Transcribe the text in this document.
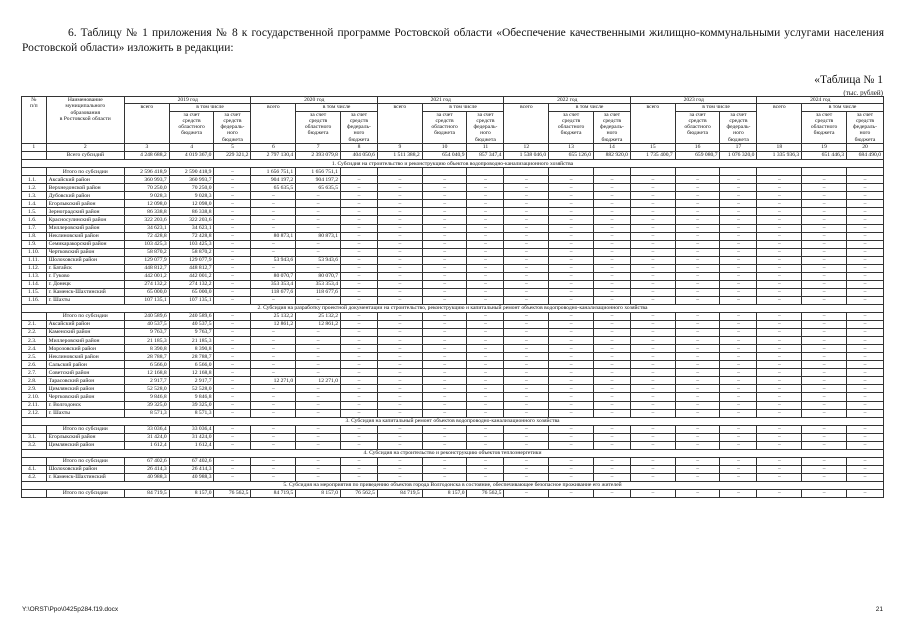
6. Таблицу № 1 приложения № 8 к государственной программе Ростовской области «Обеспечение качественными жилищно-коммунальными услугами населения Ростовской области» изложить в редакции:
«Таблица № 1
(тыс. рублей)
№
п/п	Наименование
муниципального
образования
в Ростовской области	2019 год			2020 год			2021 год			2022 год			2023 год			2024 год		
		всего	в том числе		всего	в том числе		всего	в том числе		всего	в том числе		всего	в том числе		всего	в том числе	
			за счет
средств
областного
бюджета	за счет
средств
федераль-
ного
бюджета		за счет
средств
областного
бюджета	за счет
средств
федераль-
ного
бюджета		за счет
средств
областного
бюджета	за счет
средств
федераль-
ного
бюджета		за счет
средств
областного
бюджета	за счет
средств
федераль-
ного
бюджета		за счет
средств
областного
бюджета	за счет
средств
федераль-
ного
бюджета		за счет
средств
областного
бюджета	за счет
средств
федераль-
ного
бюджета
1	2	3	4	5	6	7	8	9	10	11	12	13	14	15	16	17	18	19	20
	Всего субсидий	4 248 688,2	4 019 367,0	229 321,2	2 797 130,4	2 393 079,8	404 050,6	1 511 388,2	654 040,9	857 347,4	1 538 046,0	655 126,0	882 920,0	1 735 400,7	659 080,7	1 076 320,0	1 335 936,3	651 446,3	684 490,0
1. Субсидия на строительство и реконструкцию объектов водопроводно-канализационного хозяйства																			
	Итого по субсидии	2 596 418,9	2 590 418,9	–	1 656 751,1	1 656 751,1													
1.1.	Аксайский район	360 993,7	360 993,7	–	904 197,2	904 197,2	–	–	–	–	–	–	–	–	–	–	–	–	–
1.2.	Верхнедонской район	70 250,0	70 250,0	–	65 635,5	65 635,5	–	–	–	–	–	–	–	–	–	–	–	–	–
1.3.	Дубовский район	9 028,3	9 028,3	–	–	–	–	–	–	–	–	–	–	–	–	–	–	–	–
1.4.	Егорлыкский район	12 098,0	12 098,0	–	–	–	–	–	–	–	–	–	–	–	–	–	–	–	–
1.5.	Зерноградский район	86 338,8	86 338,8	–	–	–	–	–	–	–	–	–	–	–	–	–	–	–	–
1.6.	Красносулинский район	322 203,6	322 203,6	–	–	–	–	–	–	–	–	–	–	–	–	–	–	–	–
1.7.	Миллеровский район	34 623,1	34 623,1	–	–	–	–	–	–	–	–	–	–	–	–	–	–	–	–
1.8.	Неклиновский район	72 428,8	72 428,8	–	80 873,1	80 873,1	–	–	–	–	–	–	–	–	–	–	–	–	–
1.9.	Семикаракорский район	103 425,3	103 425,3	–	–	–	–	–	–	–	–	–	–	–	–	–	–	–	–
1.10.	Чертковский район	58 870,2	58 870,2	–	–	–	–	–	–	–	–	–	–	–	–	–	–	–	–
1.11.	Шолоховский район	129 077,9	129 077,9	–	53 943,6	53 943,6	–	–	–	–	–	–	–	–	–	–	–	–	–
1.12.	г. Батайск	448 812,7	448 812,7	–	–	–	–	–	–	–	–	–	–	–	–	–	–	–	–
1.13.	г. Гуково	442 001,2	442 001,2	–	80 070,7	80 070,7	–	–	–	–	–	–	–	–	–	–	–	–	–
1.14.	г. Донецк	274 132,2	274 132,2	–	353 353,4	353 353,4	–	–	–	–	–	–	–	–	–	–	–	–	–
1.15.	г. Каменск-Шахтинский	65 000,0	65 000,0	–	118 677,6	118 677,6	–	–	–	–	–	–	–	–	–	–	–	–	–
1.16.	г. Шахты	107 135,1	107 135,1	–	–	–	–	–	–	–	–	–	–	–	–	–	–	–	–
2. Субсидия на разработку проектной документации на строительство, реконструкцию и капитальный ремонт объектов водопроводно-канализационного хозяйства																			
	Итого по субсидии	240 589,6	240 589,6	–	25 132,2	25 132,2	–	–	–	–	–	–	–	–	–	–	–	–	–
2.1.	Аксайский район	40 537,5	40 537,5	–	12 861,2	12 861,2	–	–	–	–	–	–	–	–	–	–	–	–	–
2.2.	Каменский район	9 763,7	9 763,7	–	–	–	–	–	–	–	–	–	–	–	–	–	–	–	–
2.3.	Миллеровский район	21 185,3	21 185,3	–	–	–	–	–	–	–	–	–	–	–	–	–	–	–	–
2.4.	Морозовский район	8 390,8	8 390,8	–	–	–	–	–	–	–	–	–	–	–	–	–	–	–	–
2.5.	Неклиновский район	28 788,7	28 788,7	–	–	–	–	–	–	–	–	–	–	–	–	–	–	–	–
2.6.	Сальский район	6 566,0	6 566,0	–	–	–	–	–	–	–	–	–	–	–	–	–	–	–	–
2.7.	Советский район	12 168,8	12 168,8	–	–	–	–	–	–	–	–	–	–	–	–	–	–	–	–
2.8.	Тарасовский район	2 917,7	2 917,7	–	12 271,0	12 271,0	–	–	–	–	–	–	–	–	–	–	–	–	–
2.9.	Цимлянский район	52 528,0	52 528,0	–	–	–	–	–	–	–	–	–	–	–	–	–	–	–	–
2.10.	Чертковский район	9 846,8	9 846,8	–	–	–	–	–	–	–	–	–	–	–	–	–	–	–	–
2.11.	г. Волгодонск	39 325,0	39 325,0	–	–	–	–	–	–	–	–	–	–	–	–	–	–	–	–
2.12.	г. Шахты	8 571,3	8 571,3	–	–	–	–	–	–	–	–	–	–	–	–	–	–	–	–
3. Субсидия на капитальный ремонт объектов водопроводно-канализационного хозяйства																			
	Итого по субсидии	33 036,4	33 036,4	–	–	–	–	–	–	–	–	–	–	–	–	–	–	–	–
3.1.	Егорлыкский район	31 424,0	31 424,0	–	–	–	–	–	–	–	–	–	–	–	–	–	–	–	–
3.2.	Цимлянский район	1 612,4	1 612,4	–	–	–	–	–	–	–	–	–	–	–	–	–	–	–	–
4. Субсидия на строительство и реконструкцию объектов теплоэнергетики																			
	Итого по субсидии	67 402,6	67 402,6	–	–	–	–	–	–	–	–	–	–	–	–	–	–	–	–
4.1.	Шолоховский район	26 414,3	26 414,3	–	–	–	–	–	–	–	–	–	–	–	–	–	–	–	–
4.2.	г. Каменск-Шахтинский	40 988,3	40 988,3	–	–	–	–	–	–	–	–	–	–	–	–	–	–	–	–
5. Субсидия на мероприятия по приведению объектов города Волгодонска в состояние, обеспечивающее безопасное проживание его жителей																			
	Итого по субсидии	84 719,5	8 157,0	76 562,5	84 719,5	8 157,0	76 562,5	84 719,5	8 157,0	76 562,5	–	–	–	–	–	–	–	–	–
Y:\ORST\Ppo\0425p284.f19.docx	21
